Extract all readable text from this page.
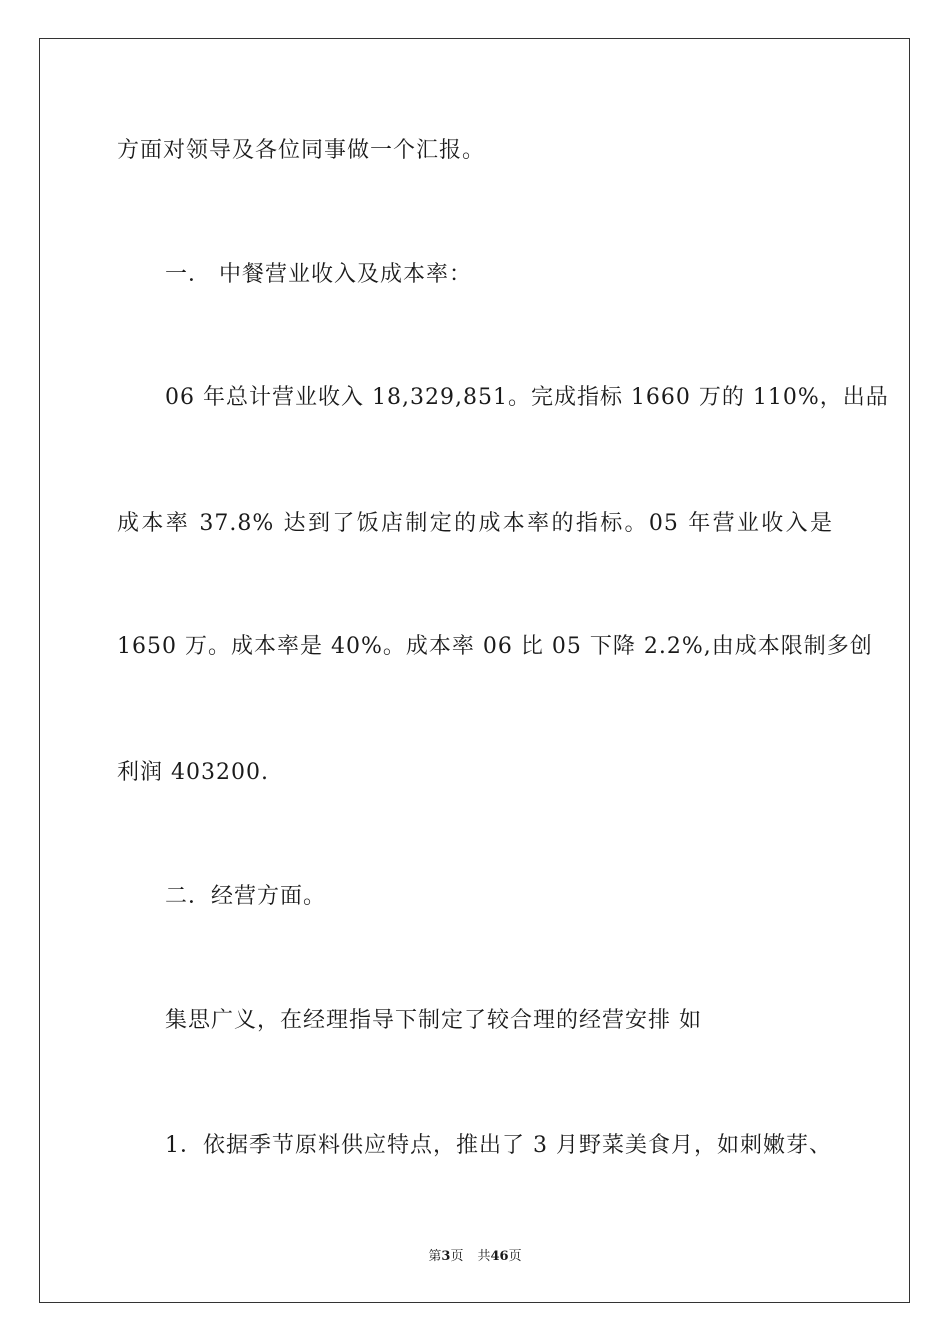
方面对领导及各位同事做一个汇报。
一． 中餐营业收入及成本率：
06 年总计营业收入 18,329,851。完成指标 1660 万的 110%，出品
成本率 37.8% 达到了饭店制定的成本率的指标。05 年营业收入是
1650 万。成本率是 40%。成本率 06 比 05 下降 2.2%,由成本限制多创
利润 403200.
二．经营方面。
集思广义，在经理指导下制定了较合理的经营安排 如
1．依据季节原料供应特点，推出了 3 月野菜美食月，如刺嫩芽、
第3页 共46页
